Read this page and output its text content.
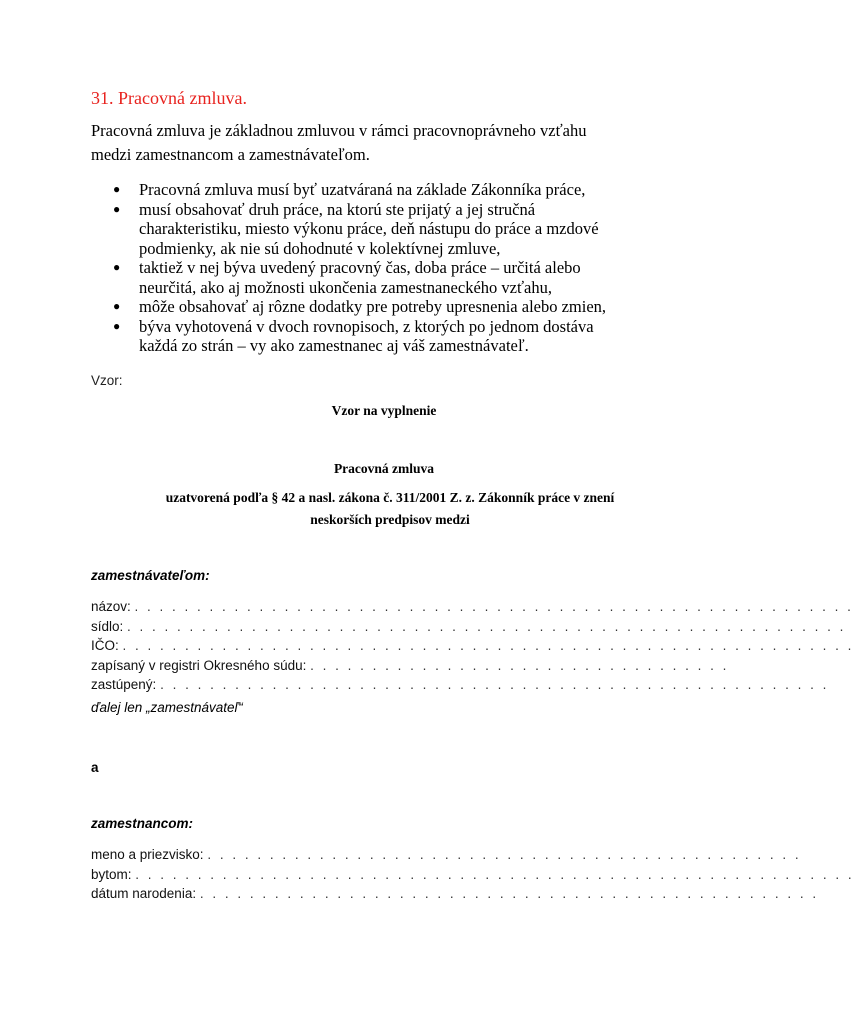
31. Pracovná zmluva.
Pracovná zmluva je základnou zmluvou v rámci pracovnoprávneho vzťahu
medzi zamestnancom a zamestnávateľom.
● Pracovná zmluva musí byť uzatváraná na základe Zákonníka práce,
● musí obsahovať druh práce, na ktorú ste prijatý a jej stručná
charakteristiku, miesto výkonu práce, deň nástupu do práce a mzdové
podmienky, ak nie sú dohodnuté v kolektívnej zmluve,
● taktiež v nej býva uvedený pracovný čas, doba práce – určitá alebo
neurčitá, ako aj možnosti ukončenia zamestnaneckého vzťahu,
● môže obsahovať aj rôzne dodatky pre potreby upresnenia alebo zmien,
● býva vyhotovená v dvoch rovnopisoch, z ktorých po jednom dostáva
každá zo strán – vy ako zamestnanec aj váš zamestnávateľ.
Vzor:
Vzor na vyplnenie
Pracovná zmluva
uzatvorená podľa § 42 a nasl. zákona č. 311/2001 Z. z. Zákonník práce v znení
neskorších predpisov medzi
zamestnávateľom:
názov: . . . . . . . . . . . . . . . . . . . . . . . . . . . . . . . . . . . . . . . . . . . . . . . . . . . . . . . . . .
sídlo: . . . . . . . . . . . . . . . . . . . . . . . . . . . . . . . . . . . . . . . . . . . . . . . . . . . . . . . . . .
IČO: . . . . . . . . . . . . . . . . . . . . . . . . . . . . . . . . . . . . . . . . . . . . . . . . . . . . . . . . . . .
zapísaný v registri Okresného súdu: . . . . . . . . . . . . . . . . . . . . . . . . . . . . . . . . . .
zastúpený: . . . . . . . . . . . . . . . . . . . . . . . . . . . . . . . . . . . . . . . . . . . . . . . . . . . . . .
ďalej len „zamestnávateľ“
a
zamestnancom:
meno a priezvisko: . . . . . . . . . . . . . . . . . . . . . . . . . . . . . . . . . . . . . . . . . . . . . . . .
bytom: . . . . . . . . . . . . . . . . . . . . . . . . . . . . . . . . . . . . . . . . . . . . . . . . . . . . . . . . . .
dátum narodenia: . . . . . . . . . . . . . . . . . . . . . . . . . . . . . . . . . . . . . . . . . . . . . . . . . .
